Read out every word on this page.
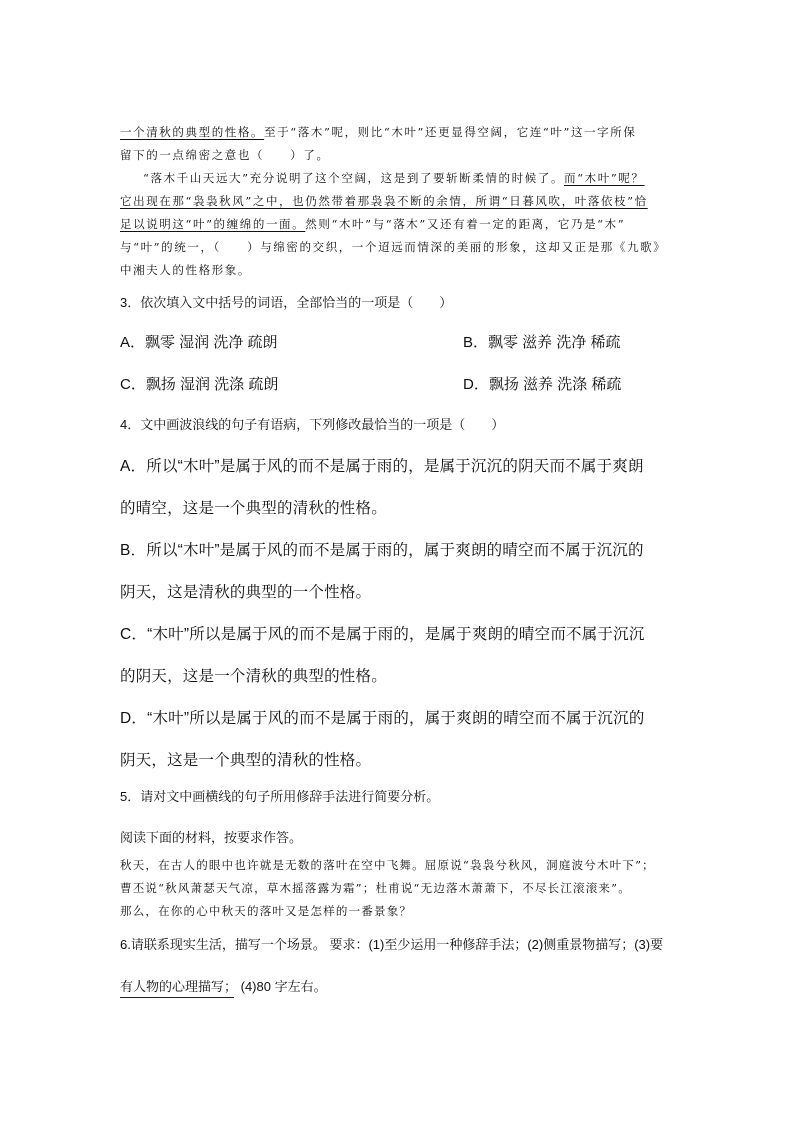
一个清秋的典型的性格。至于“落木”呢，则比“木叶”还更显得空阔，它连“叶”这一字所保
留下的一点绵密之意也（　　）了。
“落木千山天远大”充分说明了这个空阔，这是到了要斩断柔情的时候了。而“木叶”呢？
它出现在那“袅袅秋风”之中，也仍然带着那袅袅不断的余情，所谓“日暮风吹，叶落依枝”恰
足以说明这“叶”的缠绵的一面。然则“木叶”与“落木”又还有着一定的距离，它乃是“木”
与“叶”的统一，（　　）与绵密的交织，一个迢远而情深的美丽的形象，这却又正是那《九歌》
中湘夫人的性格形象。
3．依次填入文中括号的词语，全部恰当的一项是（　　）
A．飘零 湿润 洗净 疏朗	B．飘零 滋养 洗净 稀疏
C．飘扬 湿润 洗涤 疏朗	D．飘扬 滋养 洗涤 稀疏
4．文中画波浪线的句子有语病，下列修改最恰当的一项是（　　）
A．所以“木叶”是属于风的而不是属于雨的，是属于沉沉的阴天而不属于爽朗
的晴空，这是一个典型的清秋的性格。
B．所以“木叶”是属于风的而不是属于雨的，属于爽朗的晴空而不属于沉沉的
阴天，这是清秋的典型的一个性格。
C．“木叶”所以是属于风的而不是属于雨的，是属于爽朗的晴空而不属于沉沉
的阴天，这是一个清秋的典型的性格。
D．“木叶”所以是属于风的而不是属于雨的，属于爽朗的晴空而不属于沉沉的
阴天，这是一个典型的清秋的性格。
5．请对文中画横线的句子所用修辞手法进行简要分析。
阅读下面的材料，按要求作答。
秋天，在古人的眼中也许就是无数的落叶在空中飞舞。屈原说“袅袅兮秋风，洞庭波兮木叶下”；
曹丕说“秋风萧瑟天气凉，草木摇落露为霜”；杜甫说“无边落木萧萧下，不尽长江滚滚来”。
那么，在你的心中秋天的落叶又是怎样的一番景象？
6.请联系现实生活，描写一个场景。 要求：(1)至少运用一种修辞手法；(2)侧重景物描写；(3)要
有人物的心理描写； (4)80 字左右。
